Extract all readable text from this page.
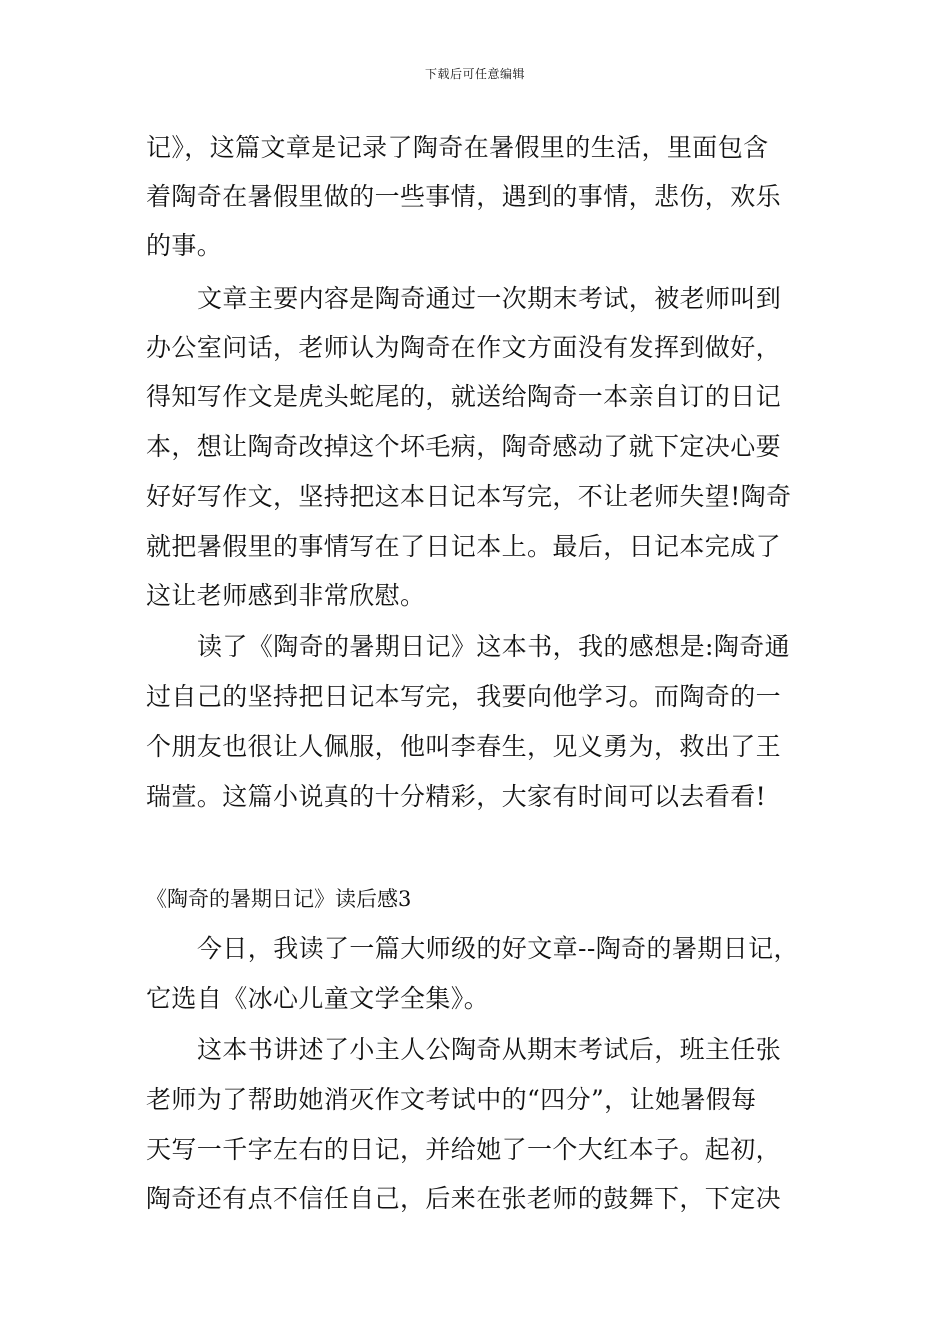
下载后可任意编辑
记》，这篇文章是记录了陶奇在暑假里的生活，里面包含
着陶奇在暑假里做的一些事情，遇到的事情，悲伤，欢乐
的事。
文章主要内容是陶奇通过一次期末考试，被老师叫到
办公室问话，老师认为陶奇在作文方面没有发挥到做好，
得知写作文是虎头蛇尾的，就送给陶奇一本亲自订的日记
本，想让陶奇改掉这个坏毛病，陶奇感动了就下定决心要
好好写作文，坚持把这本日记本写完，不让老师失望!陶奇
就把暑假里的事情写在了日记本上。最后，日记本完成了
这让老师感到非常欣慰。
读了《陶奇的暑期日记》这本书，我的感想是:陶奇通
过自己的坚持把日记本写完，我要向他学习。而陶奇的一
个朋友也很让人佩服，他叫李春生，见义勇为，救出了王
瑞萱。这篇小说真的十分精彩，大家有时间可以去看看!
《陶奇的暑期日记》读后感3
今日，我读了一篇大师级的好文章--陶奇的暑期日记，
它选自《冰心儿童文学全集》。
这本书讲述了小主人公陶奇从期末考试后，班主任张
老师为了帮助她消灭作文考试中的“四分”，让她暑假每
天写一千字左右的日记，并给她了一个大红本子。起初，
陶奇还有点不信任自己，后来在张老师的鼓舞下，下定决
